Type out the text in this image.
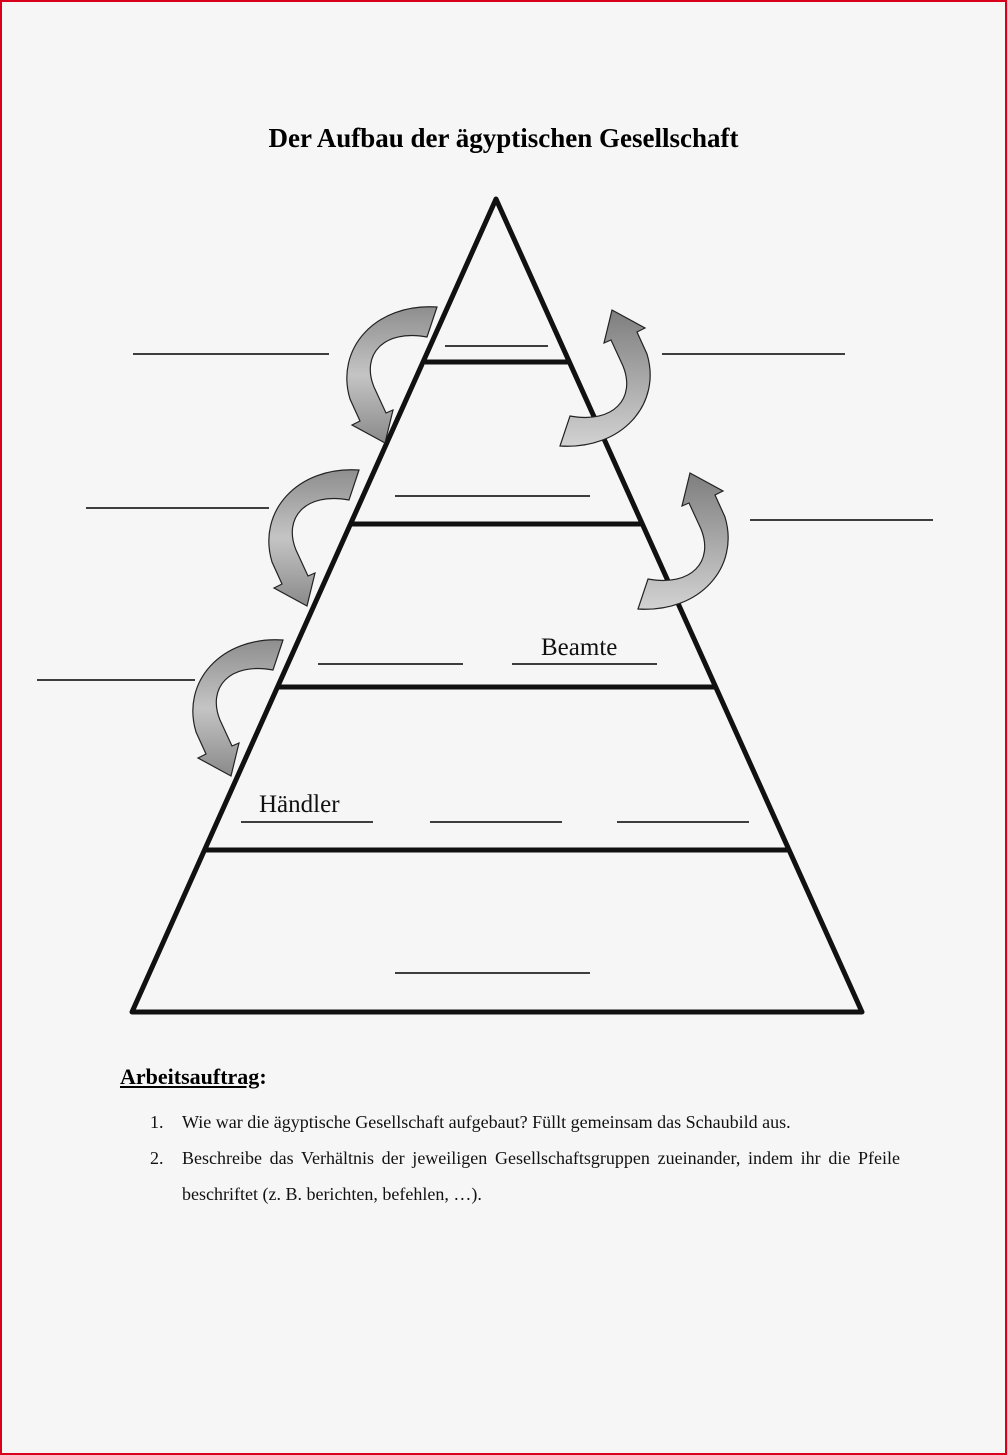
Der Aufbau der ägyptischen Gesellschaft
Beamte
Händler
Arbeitsauftrag:
1.	Wie war die ägyptische Gesellschaft aufgebaut? Füllt gemeinsam das Schaubild aus.
2.	Beschreibe das Verhältnis der jeweiligen Gesellschaftsgruppen zueinander, indem ihr die Pfeile beschriftet (z. B. berichten, befehlen, …).
